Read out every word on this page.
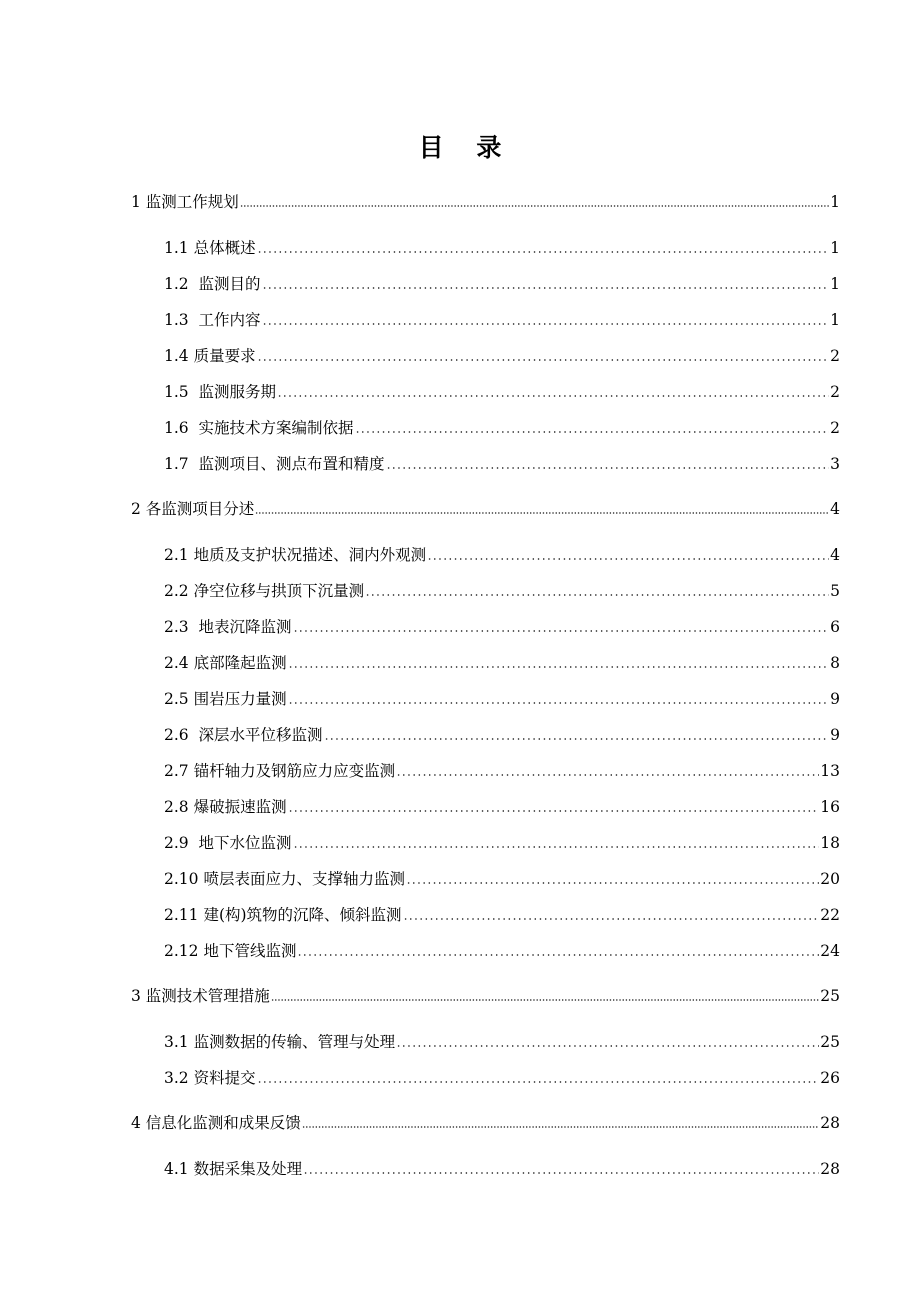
目 录
1 监测工作规划	1
1.1 总体概述	1
1.2  监测目的	1
1.3  工作内容	1
1.4 质量要求	2
1.5  监测服务期	2
1.6  实施技术方案编制依据	2
1.7  监测项目、测点布置和精度	3
2 各监测项目分述	4
2.1 地质及支护状况描述、洞内外观测	4
2.2 净空位移与拱顶下沉量测	5
2.3  地表沉降监测	6
2.4 底部隆起监测	8
2.5 围岩压力量测	9
2.6  深层水平位移监测	9
2.7 锚杆轴力及钢筋应力应变监测	13
2.8 爆破振速监测	16
2.9  地下水位监测	18
2.10 喷层表面应力、支撑轴力监测	20
2.11 建(构)筑物的沉降、倾斜监测	22
2.12 地下管线监测	24
3 监测技术管理措施	25
3.1 监测数据的传输、管理与处理	25
3.2 资料提交	26
4 信息化监测和成果反馈	28
4.1 数据采集及处理	28
